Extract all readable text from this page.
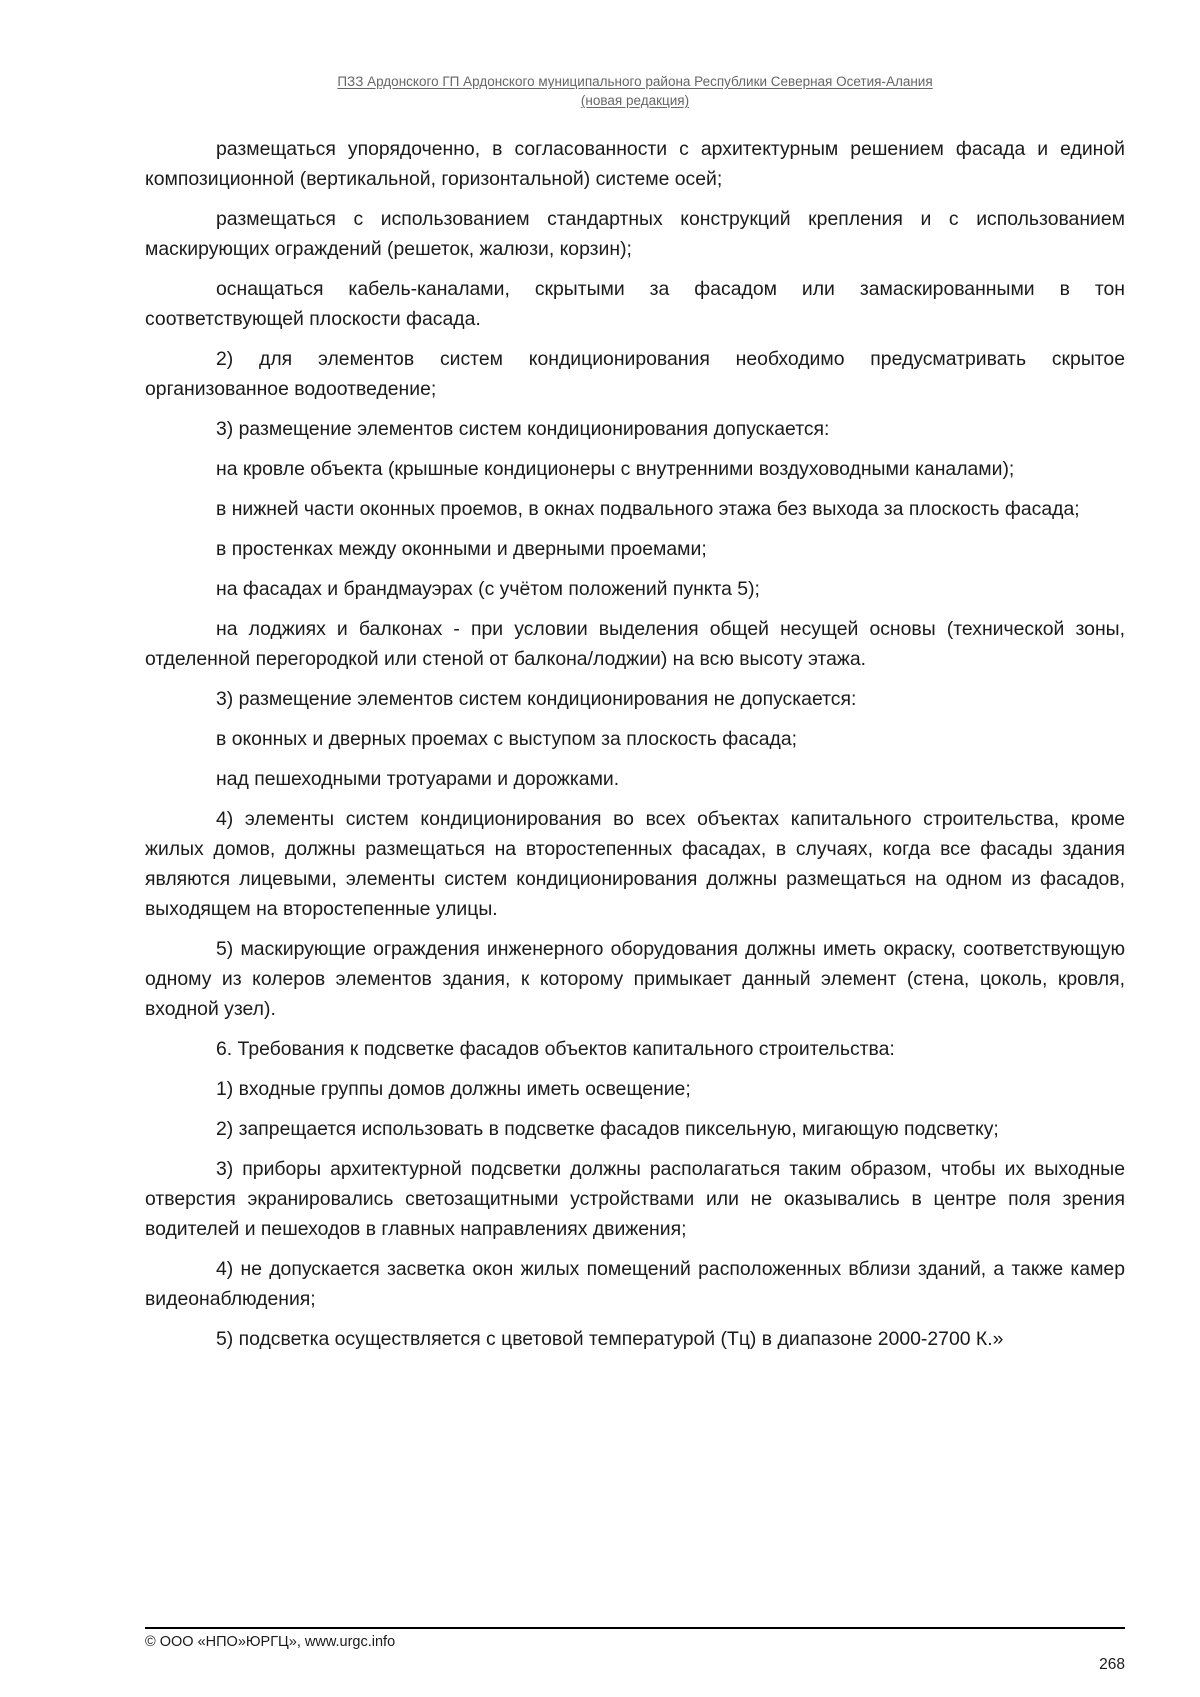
ПЗЗ Ардонского ГП Ардонского муниципального района Республики Северная Осетия-Алания
(новая редакция)

размещаться упорядоченно, в согласованности с архитектурным решением фасада и единой композиционной (вертикальной, горизонтальной) системе осей;

размещаться с использованием стандартных конструкций крепления и с использованием маскирующих ограждений (решеток, жалюзи, корзин);

оснащаться кабель-каналами, скрытыми за фасадом или замаскированными в тон соответствующей плоскости фасада.

2) для элементов систем кондиционирования необходимо предусматривать скрытое организованное водоотведение;

3) размещение элементов систем кондиционирования допускается:

на кровле объекта (крышные кондиционеры с внутренними воздуховодными каналами);

в нижней части оконных проемов, в окнах подвального этажа без выхода за плоскость фасада;

в простенках между оконными и дверными проемами;

на фасадах и брандмауэрах (с учётом положений пункта 5);

на лоджиях и балконах - при условии выделения общей несущей основы (технической зоны, отделенной перегородкой или стеной от балкона/лоджии) на всю высоту этажа.

3) размещение элементов систем кондиционирования не допускается:

в оконных и дверных проемах с выступом за плоскость фасада;

над пешеходными тротуарами и дорожками.

4) элементы систем кондиционирования во всех объектах капитального строительства, кроме жилых домов, должны размещаться на второстепенных фасадах, в случаях, когда все фасады здания являются лицевыми, элементы систем кондиционирования должны размещаться на одном из фасадов, выходящем на второстепенные улицы.

5) маскирующие ограждения инженерного оборудования должны иметь окраску, соответствующую одному из колеров элементов здания, к которому примыкает данный элемент (стена, цоколь, кровля, входной узел).

6. Требования к подсветке фасадов объектов капитального строительства:

1) входные группы домов должны иметь освещение;

2) запрещается использовать в подсветке фасадов пиксельную, мигающую подсветку;

3) приборы архитектурной подсветки должны располагаться таким образом, чтобы их выходные отверстия экранировались светозащитными устройствами или не оказывались в центре поля зрения водителей и пешеходов в главных направлениях движения;

4) не допускается засветка окон жилых помещений расположенных вблизи зданий, а также камер видеонаблюдения;

5) подсветка осуществляется с цветовой температурой (Тц) в диапазоне 2000-2700 К.»

© ООО «НПО»ЮРГЦ», www.urgc.info
268
